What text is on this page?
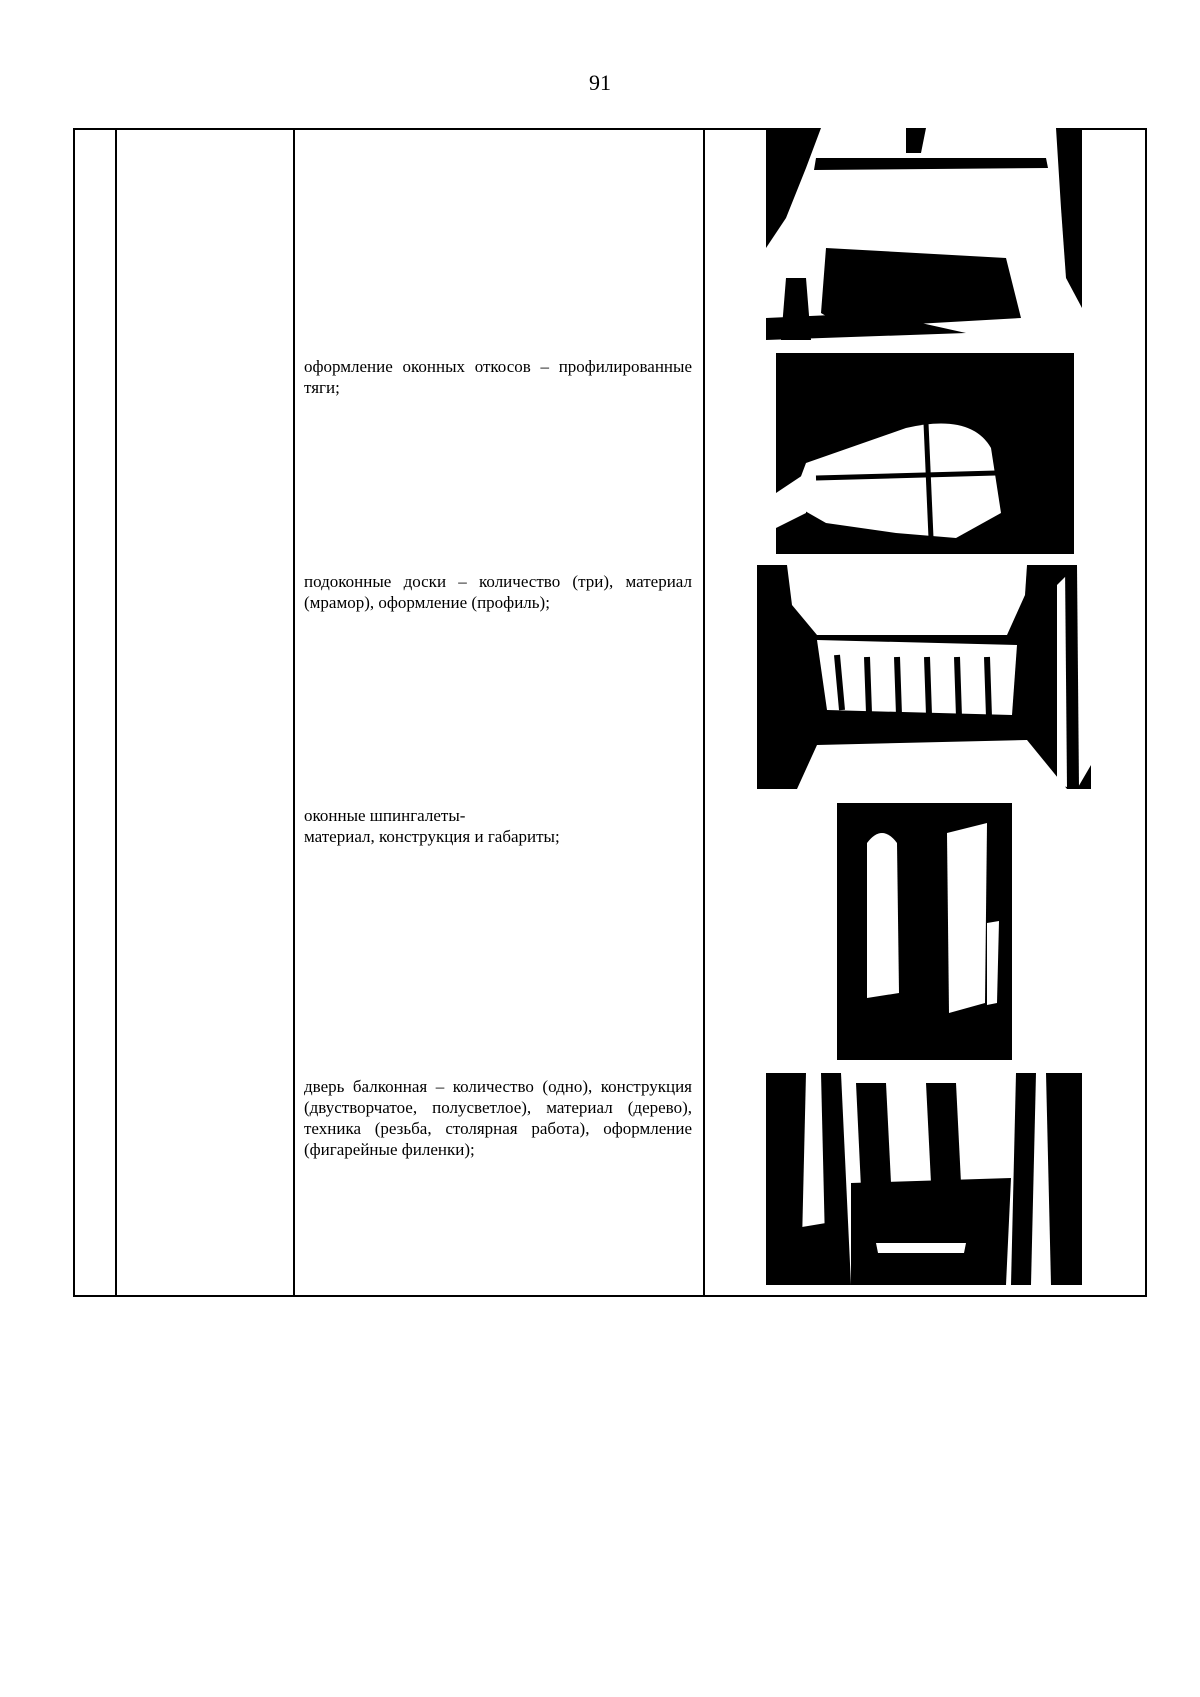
91
оформление оконных откосов – профилированные тяги;
подоконные доски – количество (три), материал (мрамор), оформление (профиль);
оконные шпингалеты-
материал, конструкция и габариты;
дверь балконная – количество (одно), конструкция (двустворчатое, полусветлое), материал (дерево), техника (резьба, столярная работа), оформление (фигарейные филенки);
